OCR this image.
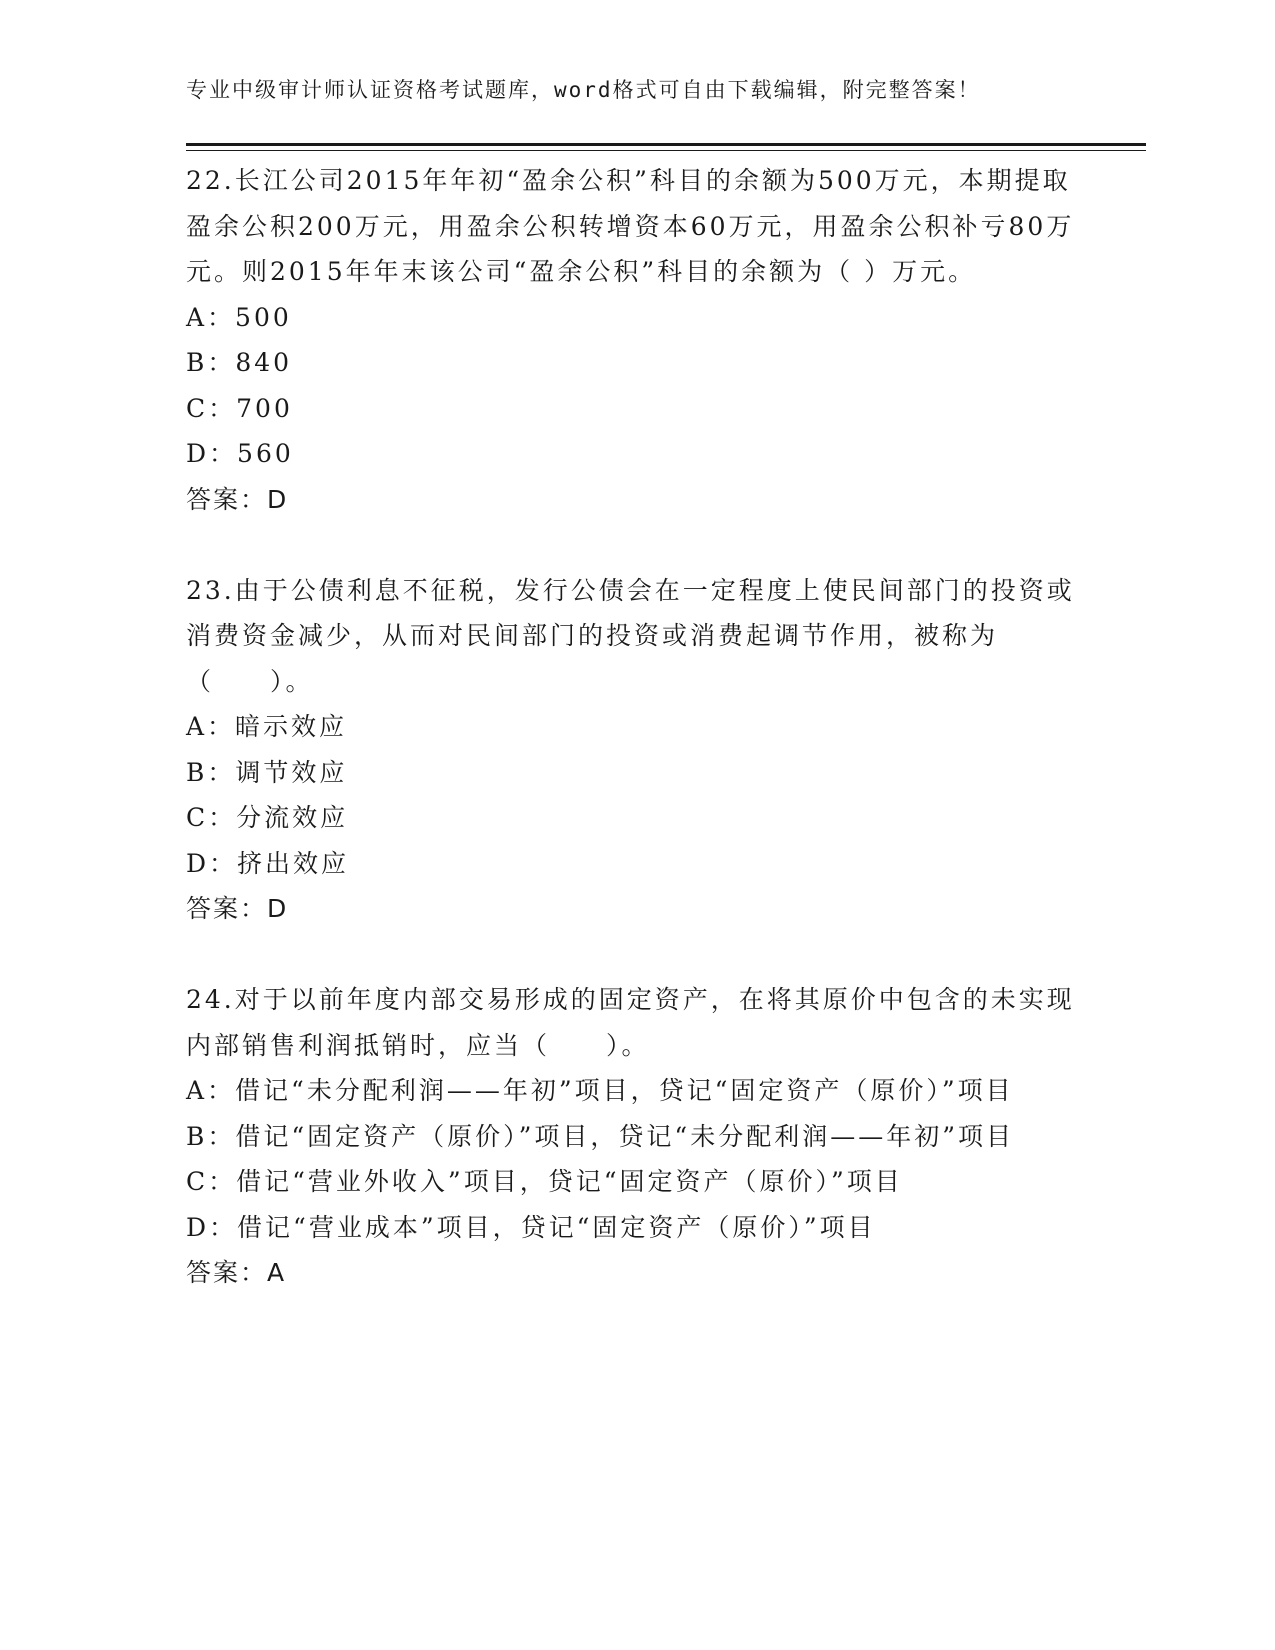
专业中级审计师认证资格考试题库，word格式可自由下载编辑，附完整答案！

22.长江公司2015年年初“盈余公积”科目的余额为500万元，本期提取盈余公积200万元，用盈余公积转增资本60万元，用盈余公积补亏80万元。则2015年年末该公司“盈余公积”科目的余额为（ ）万元。

A：500

B：840

C：700

D：560

答案：D

23.由于公债利息不征税，发行公债会在一定程度上使民间部门的投资或消费资金减少，从而对民间部门的投资或消费起调节作用，被称为（　　）。

A：暗示效应

B：调节效应

C：分流效应

D：挤出效应

答案：D

24.对于以前年度内部交易形成的固定资产，在将其原价中包含的未实现内部销售利润抵销时，应当（　　）。

A：借记“未分配利润——年初”项目，贷记“固定资产（原价）”项目

B：借记“固定资产（原价）”项目，贷记“未分配利润——年初”项目

C：借记“营业外收入”项目，贷记“固定资产（原价）”项目

D：借记“营业成本”项目，贷记“固定资产（原价）”项目

答案：A
